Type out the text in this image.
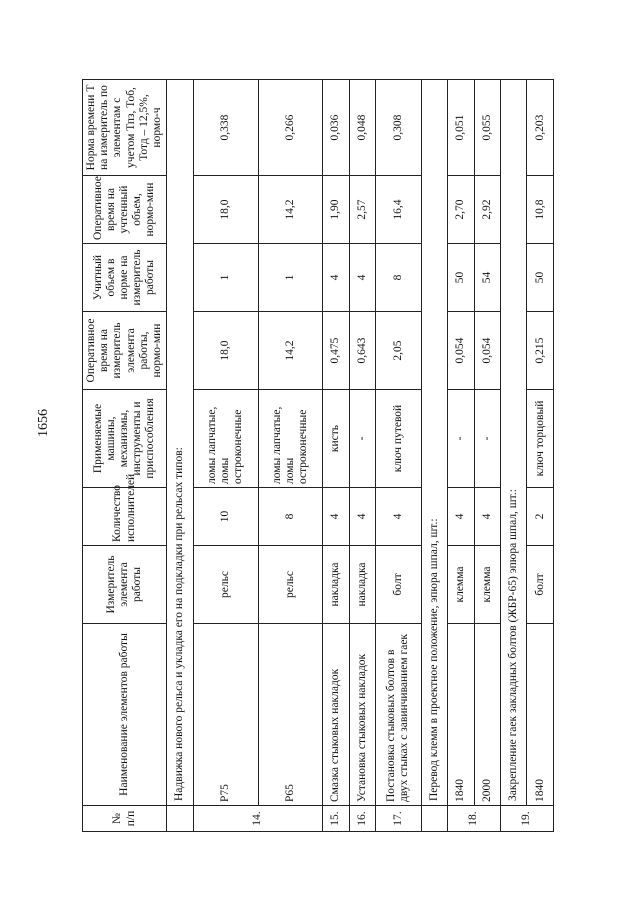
1656
№ п/п	Наименование элементов работы	Измеритель элемента работы	Количество исполнителей	Применяемые машины, механизмы, инструменты и приспособления	Оперативное время на измеритель элемента работы, нормо-мин	Учитный объем в норме на измеритель работы	Оперативное время на учтенный объем, нормо-мин	Норма времени Т на измеритель по элементам с учетом Тпз, Тоб, Тотд – 12,5%, нормо-ч
	Надвижка нового рельса и укладка его на подкладки при рельсах типов:							
14.	Р75	рельс	10	ломы лапчатые, ломы остроконечные	18,0	1	18,0	0,338
	Р65	рельс	8	ломы лапчатые, ломы остроконечные	14,2	1	14,2	0,266
15.	Смазка стыковых накладок	накладка	4	кисть	0,475	4	1,90	0,036
16.	Установка стыковых накладок	накладка	4	-	0,643	4	2,57	0,048
17.	Постановка стыковых болтов в двух стыках с завинчиванием гаек	болт	4	ключ путевой	2,05	8	16,4	0,308
	Перевод клемм в проектное положение, эпюра шпал, шт.:							
18.	1840	клемма	4	-	0,054	50	2,70	0,051
	2000	клемма	4	-	0,054	54	2,92	0,055
19.	Закрепление гаек закладных болтов (ЖБР-65) эпюра шпал, шт.:							
	1840	болт	2	ключ торцовый	0,215	50	10,8	0,203
